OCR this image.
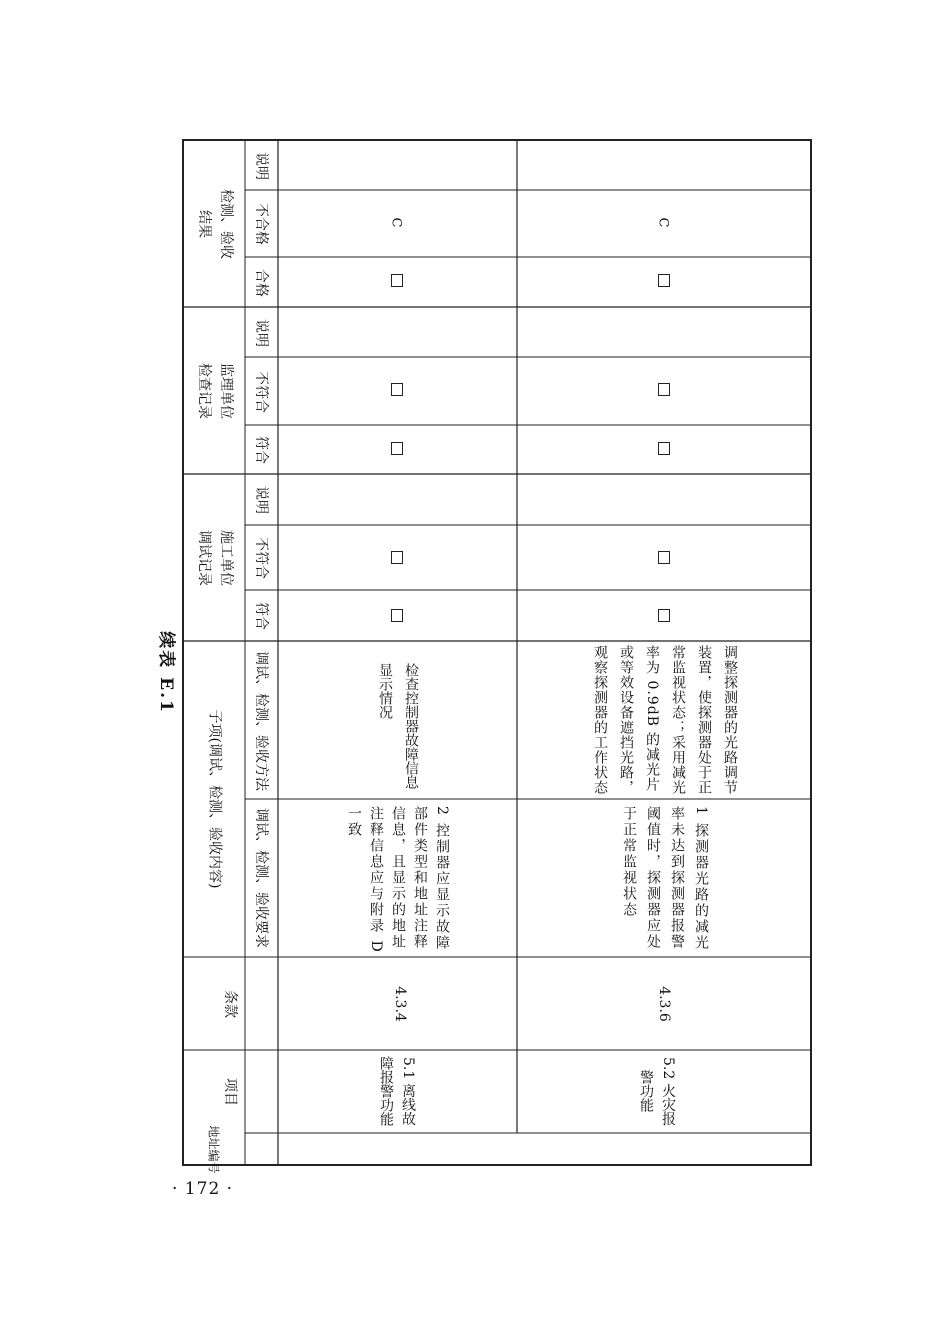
续表 E.1
地址编号
项目
条款
子项(调试、检测、验收内容) 调试、检测、验收要求
调试、检测、验收方法
施工单位
调试记录
监理单位
检查记录
检测、验收
结果
符合
不符合
说明
符合
不符合
说明
合格
不合格
说明
5.1 离线故障报警功能
4.3.4
2 控制器应显示故障部件类型和地址注释信息，且显示的地址注释信息应与附录 D 一致
检查控制器故障信息显示情况
C
5.2 火灾报警功能
4.3.6
1 探测器光路的减光率未达到探测器报警阈值时，探测器应处于正常监视状态
调整探测器的光路调节装置，使探测器处于正常监视状态；采用减光率为 0.9dB 的减光片或等效设备遮挡光路，观察探测器的工作状态
C
· 172 ·
